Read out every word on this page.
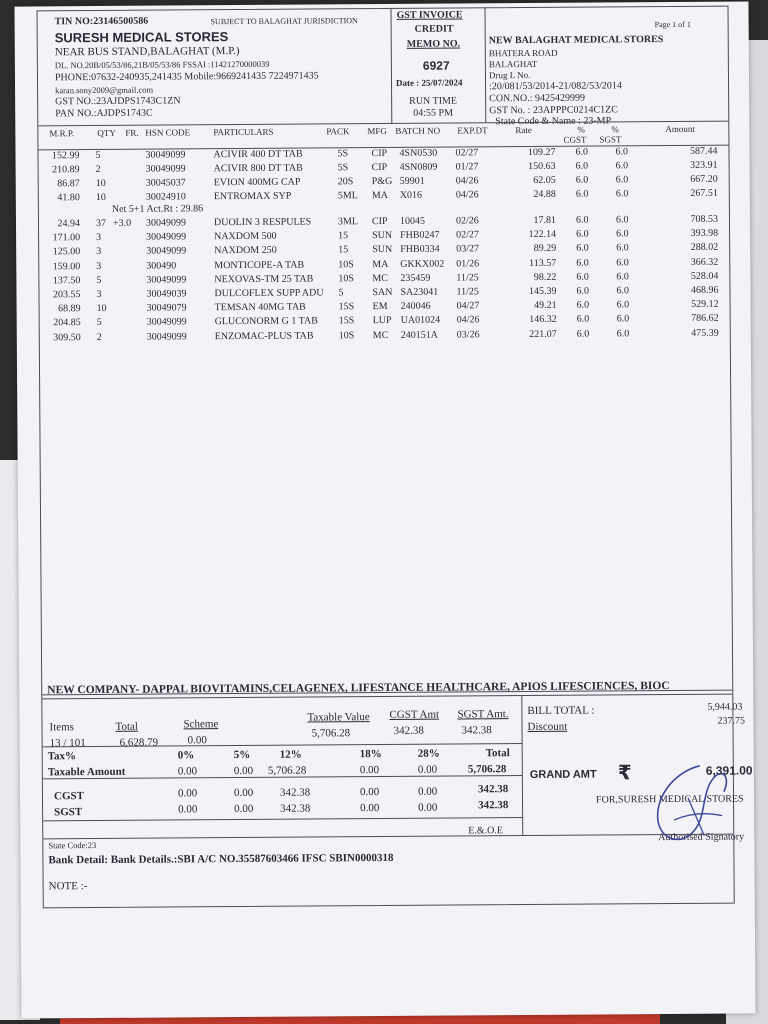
TIN NO:23146500586	SUBJECT TO BALAGHAT JURISDICTION
SURESH MEDICAL STORES
NEAR BUS STAND,BALAGHAT (M.P.)
DL. NO.20B/05/53/86,21B/05/53/86 FSSAI :11421270000039
PHONE:07632-240935,241435 Mobile:9669241435 7224971435
karan.sony2009@gmail.com
GST NO.:23AJDPS1743C1ZN
PAN NO.:AJDPS1743C
GST INVOICE
CREDIT
MEMO NO.
6927
Date : 25/07/2024
RUN TIME
04:55 PM
Page 1 of 1
NEW BALAGHAT MEDICAL STORES
BHATERA ROAD
BALAGHAT
Drug L No.
:20/081/53/2014-21/082/53/2014
CON.NO.: 9425429999
GST No. : 23APPPC0214C1ZC
State Code & Name : 23-MP
M.R.P.	QTY FR. HSN CODE	PARTICULARS	PACK MFG BATCH NO EXP.DT	Rate	%	%	Amount
CGST SGST
152.99 5	30049099	ACIVIR 400 DT TAB	5S	CIP	4SN0530	02/27	109.27 6.0	6.0	587.44
210.89 2	30049099	ACIVIR 800 DT TAB	5S	CIP	4SN0809	01/27	150.63 6.0	6.0	323.91
86.87 10	30045037	EVION 400MG CAP	20S	P&G 59901	04/26	62.05 6.0	6.0	667.20
41.80 10	30024910	ENTROMAX SYP	5ML	MA	X016	04/26	24.88 6.0	6.0	267.51
Net 5+1 Act.Rt : 29.86
24.94 37 +3.0	30049099	DUOLIN 3 RESPULES	3ML	CIP	10045	02/26	17.81 6.0	6.0	708.53
171.00 3	30049099	NAXDOM 500	15	SUN FHB0247	02/27	122.14 6.0	6.0	393.98
125.00 3	30049099	NAXDOM 250	15	SUN FHB0334	03/27	89.29 6.0	6.0	288.02
159.00 3	300490	MONTICOPE-A TAB	10S	MA	GKKX002	01/26	113.57 6.0	6.0	366.32
137.50 5	30049099	NEXOVAS-TM 25 TAB	10S	MC	235459	11/25	98.22 6.0	6.0	528.04
203.55 3	30049039	DULCOFLEX SUPP ADU	5	SAN SA23041	11/25	145.39 6.0	6.0	468.96
68.89 10	30049079	TEMSAN 40MG TAB	15S	EM	240046	04/27	49.21 6.0	6.0	529.12
204.85 5	30049099	GLUCONORM G 1 TAB	15S	LUP UA01024	04/26	146.32 6.0	6.0	786.62
309.50 2	30049099	ENZOMAC-PLUS TAB	10S	MC	240151A	03/26	221.07 6.0	6.0	475.39
NEW COMPANY- DAPPAL BIOVITAMINS,CELAGENEX, LIFESTANCE HEALTHCARE, APIOS LIFESCIENCES, BIOC
Items
13 / 101
Total
6,628.79
Scheme
0.00
Taxable Value
5,706.28
CGST Amt
342.38
SGST Amt.
342.38
Tax%	0%	5%	12%	18%	28%	Total
Taxable Amount	0.00	0.00 5,706.28	0.00	0.00	5,706.28
CGST	0.00	0.00 342.38	0.00	0.00	342.38
SGST	0.00	0.00 342.38	0.00	0.00	342.38
BILL TOTAL :	5,944.03
Discount	237.75
GRAND AMT ₹	6,391.00
FOR,SURESH MEDICAL STORES
Authorised Signatory
E.&.O.E
State Code:23
Bank Detail: Bank Details.:SBI A/C NO.35587603466 IFSC SBIN0000318
NOTE :-
